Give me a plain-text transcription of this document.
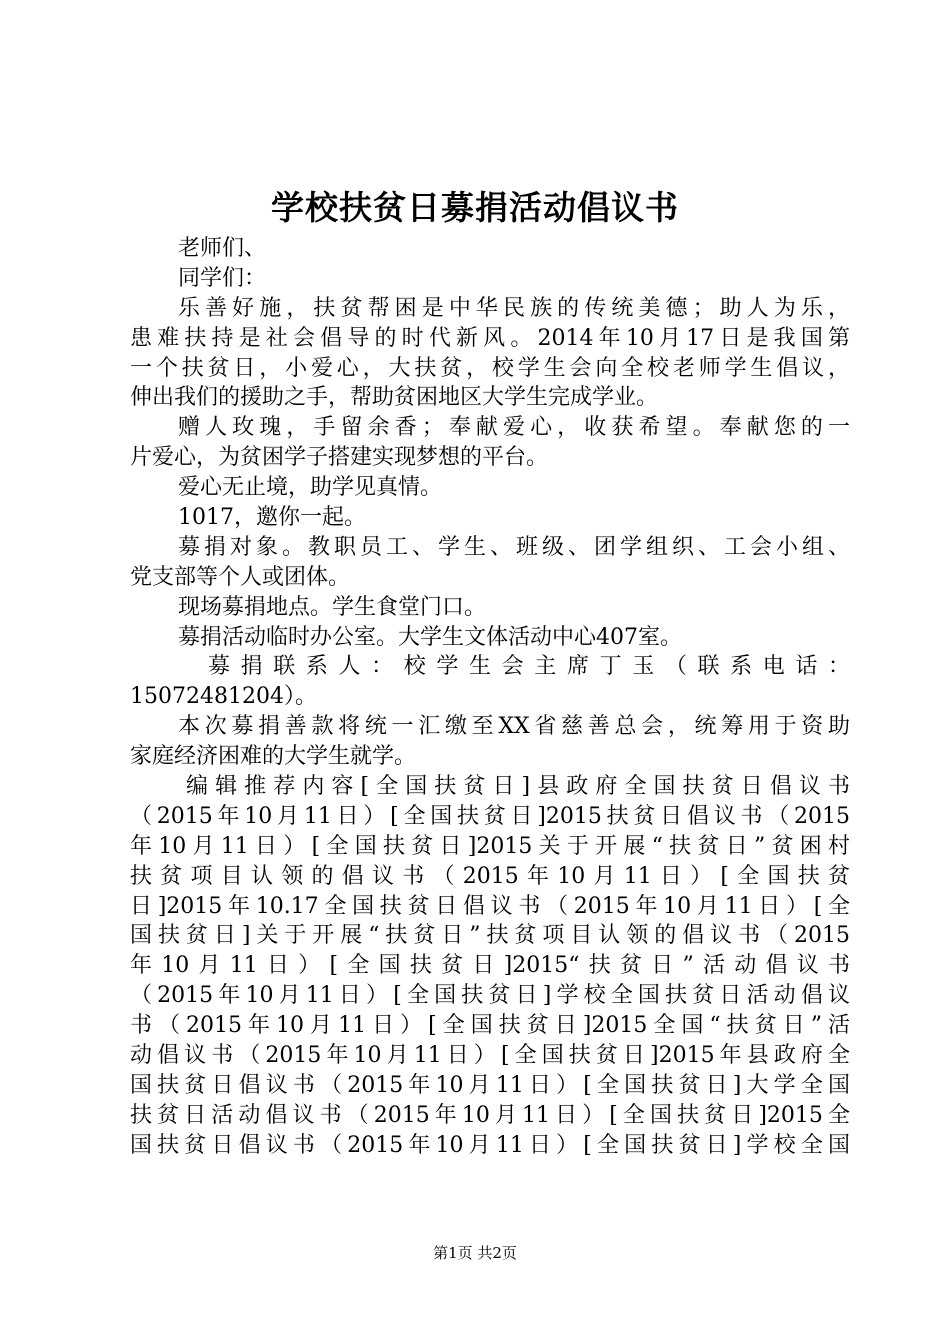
学校扶贫日募捐活动倡议书
老师们、
同学们：
乐善好施，扶贫帮困是中华民族的传统美德；助人为乐，
患难扶持是社会倡导的时代新风。2014年10月17日是我国第
一个扶贫日，小爱心，大扶贫，校学生会向全校老师学生倡议，
伸出我们的援助之手，帮助贫困地区大学生完成学业。
赠人玫瑰，手留余香；奉献爱心，收获希望。奉献您的一
片爱心，为贫困学子搭建实现梦想的平台。
爱心无止境，助学见真情。
1017，邀你一起。
募捐对象。教职员工、学生、班级、团学组织、工会小组、
党支部等个人或团体。
现场募捐地点。学生食堂门口。
募捐活动临时办公室。大学生文体活动中心407室。
募捐联系人：校学生会主席丁玉（联系电话：
15072481204）。
本次募捐善款将统一汇缴至XX省慈善总会，统筹用于资助
家庭经济困难的大学生就学。
编辑推荐内容[全国扶贫日]县政府全国扶贫日倡议书
（2015年10月11日）[全国扶贫日]2015扶贫日倡议书（2015
年10月11日）[全国扶贫日]2015关于开展“扶贫日”贫困村
扶贫项目认领的倡议书（2015年10月11日）[全国扶贫
日]2015年10.17全国扶贫日倡议书（2015年10月11日）[全
国扶贫日]关于开展“扶贫日”扶贫项目认领的倡议书（2015
年10月11日）[全国扶贫日]2015“扶贫日”活动倡议书
（2015年10月11日）[全国扶贫日]学校全国扶贫日活动倡议
书（2015年10月11日）[全国扶贫日]2015全国“扶贫日”活
动倡议书（2015年10月11日）[全国扶贫日]2015年县政府全
国扶贫日倡议书（2015年10月11日）[全国扶贫日]大学全国
扶贫日活动倡议书（2015年10月11日）[全国扶贫日]2015全
国扶贫日倡议书（2015年10月11日）[全国扶贫日]学校全国
第1页 共2页
